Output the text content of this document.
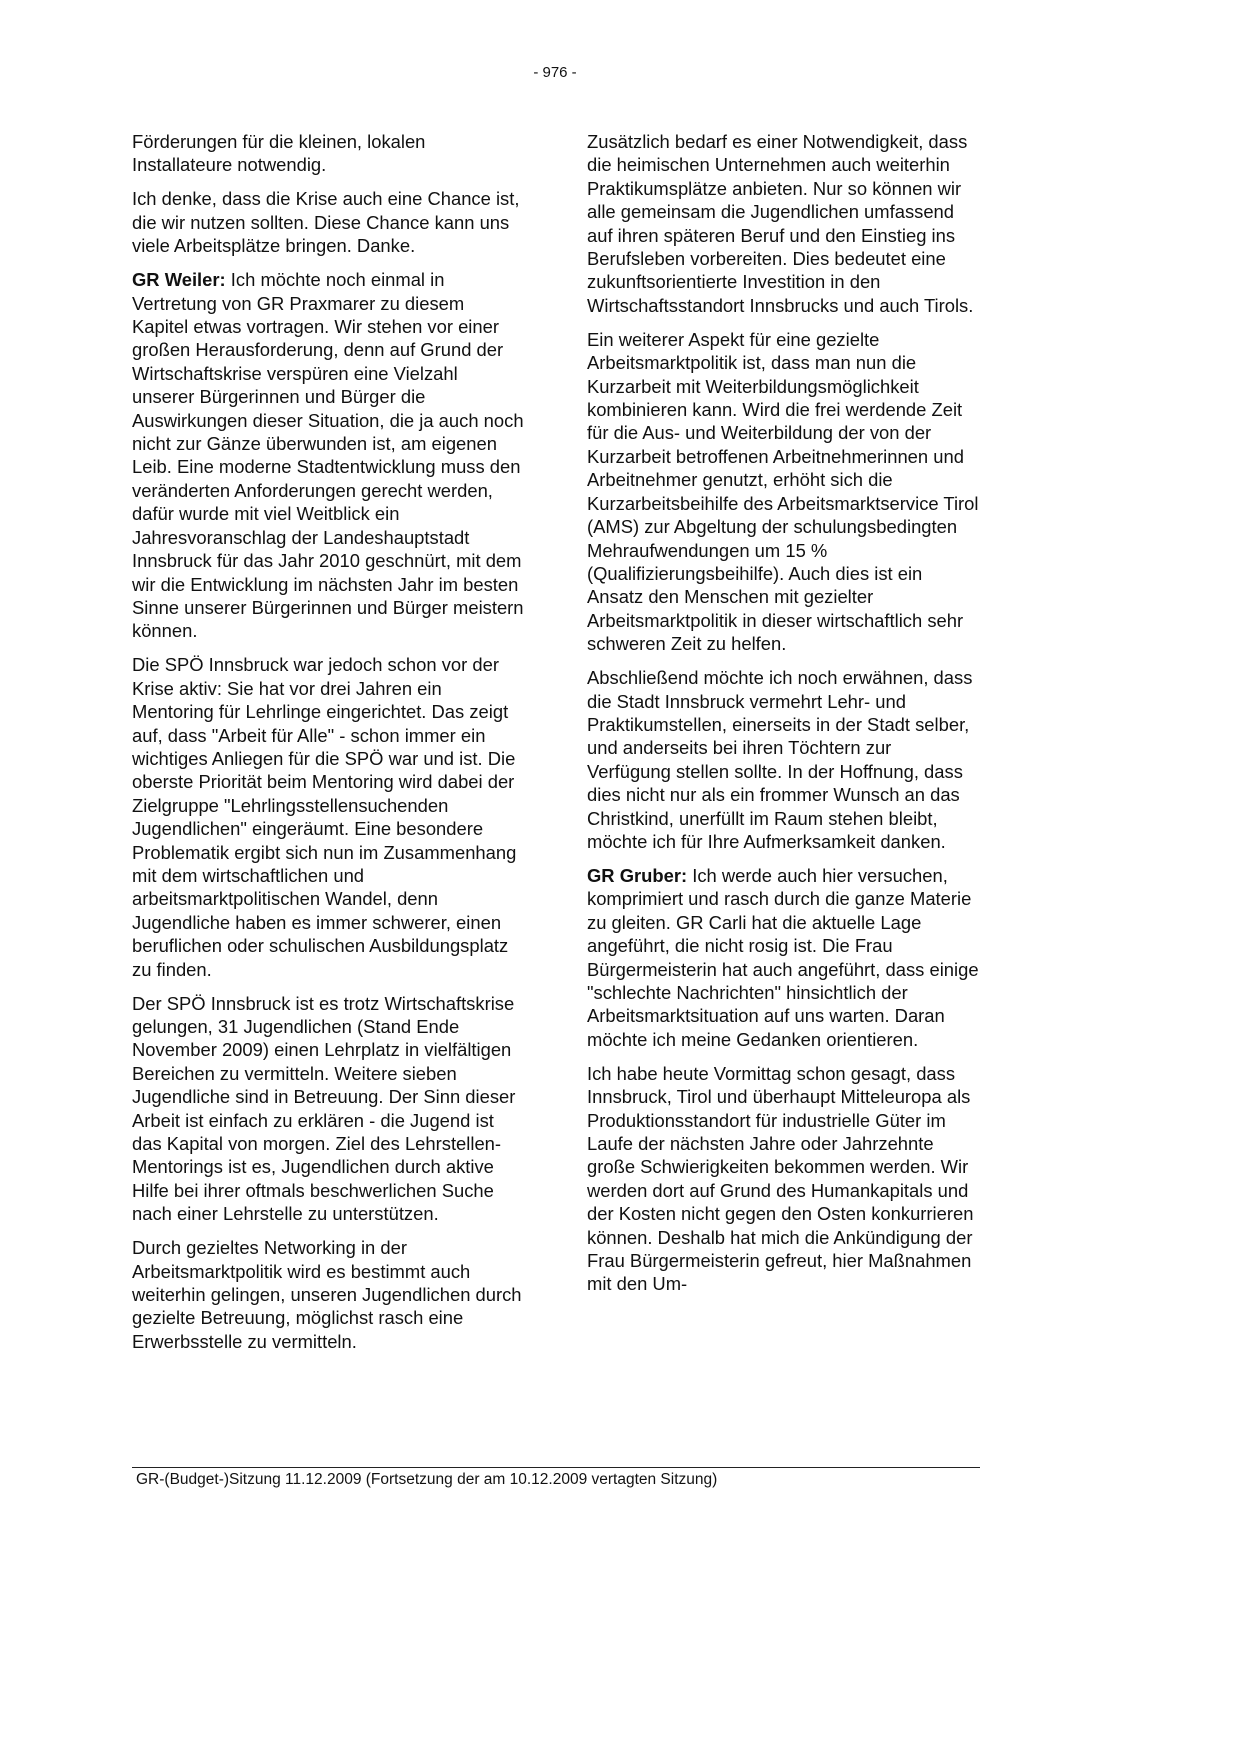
- 976 -

Förderungen für die kleinen, lokalen Installateure notwendig.

Ich denke, dass die Krise auch eine Chance ist, die wir nutzen sollten. Diese Chance kann uns viele Arbeitsplätze bringen. Danke.

GR Weiler: Ich möchte noch einmal in Vertretung von GR Praxmarer zu diesem Kapitel etwas vortragen. Wir stehen vor einer großen Herausforderung, denn auf Grund der Wirtschaftskrise verspüren eine Vielzahl unserer Bürgerinnen und Bürger die Auswirkungen dieser Situation, die ja auch noch nicht zur Gänze überwunden ist, am eigenen Leib. Eine moderne Stadtentwicklung muss den veränderten Anforderungen gerecht werden, dafür wurde mit viel Weitblick ein Jahresvoranschlag der Landeshauptstadt Innsbruck für das Jahr 2010 geschnürt, mit dem wir die Entwicklung im nächsten Jahr im besten Sinne unserer Bürgerinnen und Bürger meistern können.

Die SPÖ Innsbruck war jedoch schon vor der Krise aktiv: Sie hat vor drei Jahren ein Mentoring für Lehrlinge eingerichtet. Das zeigt auf, dass "Arbeit für Alle" - schon immer ein wichtiges Anliegen für die SPÖ war und ist. Die oberste Priorität beim Mentoring wird dabei der Zielgruppe "Lehrlingsstellensuchenden Jugendlichen" eingeräumt. Eine besondere Problematik ergibt sich nun im Zusammenhang mit dem wirtschaftlichen und arbeitsmarktpolitischen Wandel, denn Jugendliche haben es immer schwerer, einen beruflichen oder schulischen Ausbildungsplatz zu finden.

Der SPÖ Innsbruck ist es trotz Wirtschaftskrise gelungen, 31 Jugendlichen (Stand Ende November 2009) einen Lehrplatz in vielfältigen Bereichen zu vermitteln. Weitere sieben Jugendliche sind in Betreuung. Der Sinn dieser Arbeit ist einfach zu erklären - die Jugend ist das Kapital von morgen. Ziel des Lehrstellen-Mentorings ist es, Jugendlichen durch aktive Hilfe bei ihrer oftmals beschwerlichen Suche nach einer Lehrstelle zu unterstützen.

Durch gezieltes Networking in der Arbeitsmarktpolitik wird es bestimmt auch weiterhin gelingen, unseren Jugendlichen durch gezielte Betreuung, möglichst rasch eine Erwerbsstelle zu vermitteln.

Zusätzlich bedarf es einer Notwendigkeit, dass die heimischen Unternehmen auch weiterhin Praktikumsplätze anbieten. Nur so können wir alle gemeinsam die Jugendlichen umfassend auf ihren späteren Beruf und den Einstieg ins Berufsleben vorbereiten. Dies bedeutet eine zukunftsorientierte Investition in den Wirtschaftsstandort Innsbrucks und auch Tirols.

Ein weiterer Aspekt für eine gezielte Arbeitsmarktpolitik ist, dass man nun die Kurzarbeit mit Weiterbildungsmöglichkeit kombinieren kann. Wird die frei werdende Zeit für die Aus- und Weiterbildung der von der Kurzarbeit betroffenen Arbeitnehmerinnen und Arbeitnehmer genutzt, erhöht sich die Kurzarbeitsbeihilfe des Arbeitsmarktservice Tirol (AMS) zur Abgeltung der schulungsbedingten Mehraufwendungen um 15 % (Qualifizierungsbeihilfe). Auch dies ist ein Ansatz den Menschen mit gezielter Arbeitsmarktpolitik in dieser wirtschaftlich sehr schweren Zeit zu helfen.

Abschließend möchte ich noch erwähnen, dass die Stadt Innsbruck vermehrt Lehr- und Praktikumstellen, einerseits in der Stadt selber, und anderseits bei ihren Töchtern zur Verfügung stellen sollte. In der Hoffnung, dass dies nicht nur als ein frommer Wunsch an das Christkind, unerfüllt im Raum stehen bleibt, möchte ich für Ihre Aufmerksamkeit danken.

GR Gruber: Ich werde auch hier versuchen, komprimiert und rasch durch die ganze Materie zu gleiten. GR Carli hat die aktuelle Lage angeführt, die nicht rosig ist. Die Frau Bürgermeisterin hat auch angeführt, dass einige "schlechte Nachrichten" hinsichtlich der Arbeitsmarktsituation auf uns warten. Daran möchte ich meine Gedanken orientieren.

Ich habe heute Vormittag schon gesagt, dass Innsbruck, Tirol und überhaupt Mitteleuropa als Produktionsstandort für industrielle Güter im Laufe der nächsten Jahre oder Jahrzehnte große Schwierigkeiten bekommen werden. Wir werden dort auf Grund des Humankapitals und der Kosten nicht gegen den Osten konkurrieren können. Deshalb hat mich die Ankündigung der Frau Bürgermeisterin gefreut, hier Maßnahmen mit den Um-

GR-(Budget-)Sitzung 11.12.2009 (Fortsetzung der am 10.12.2009 vertagten Sitzung)
